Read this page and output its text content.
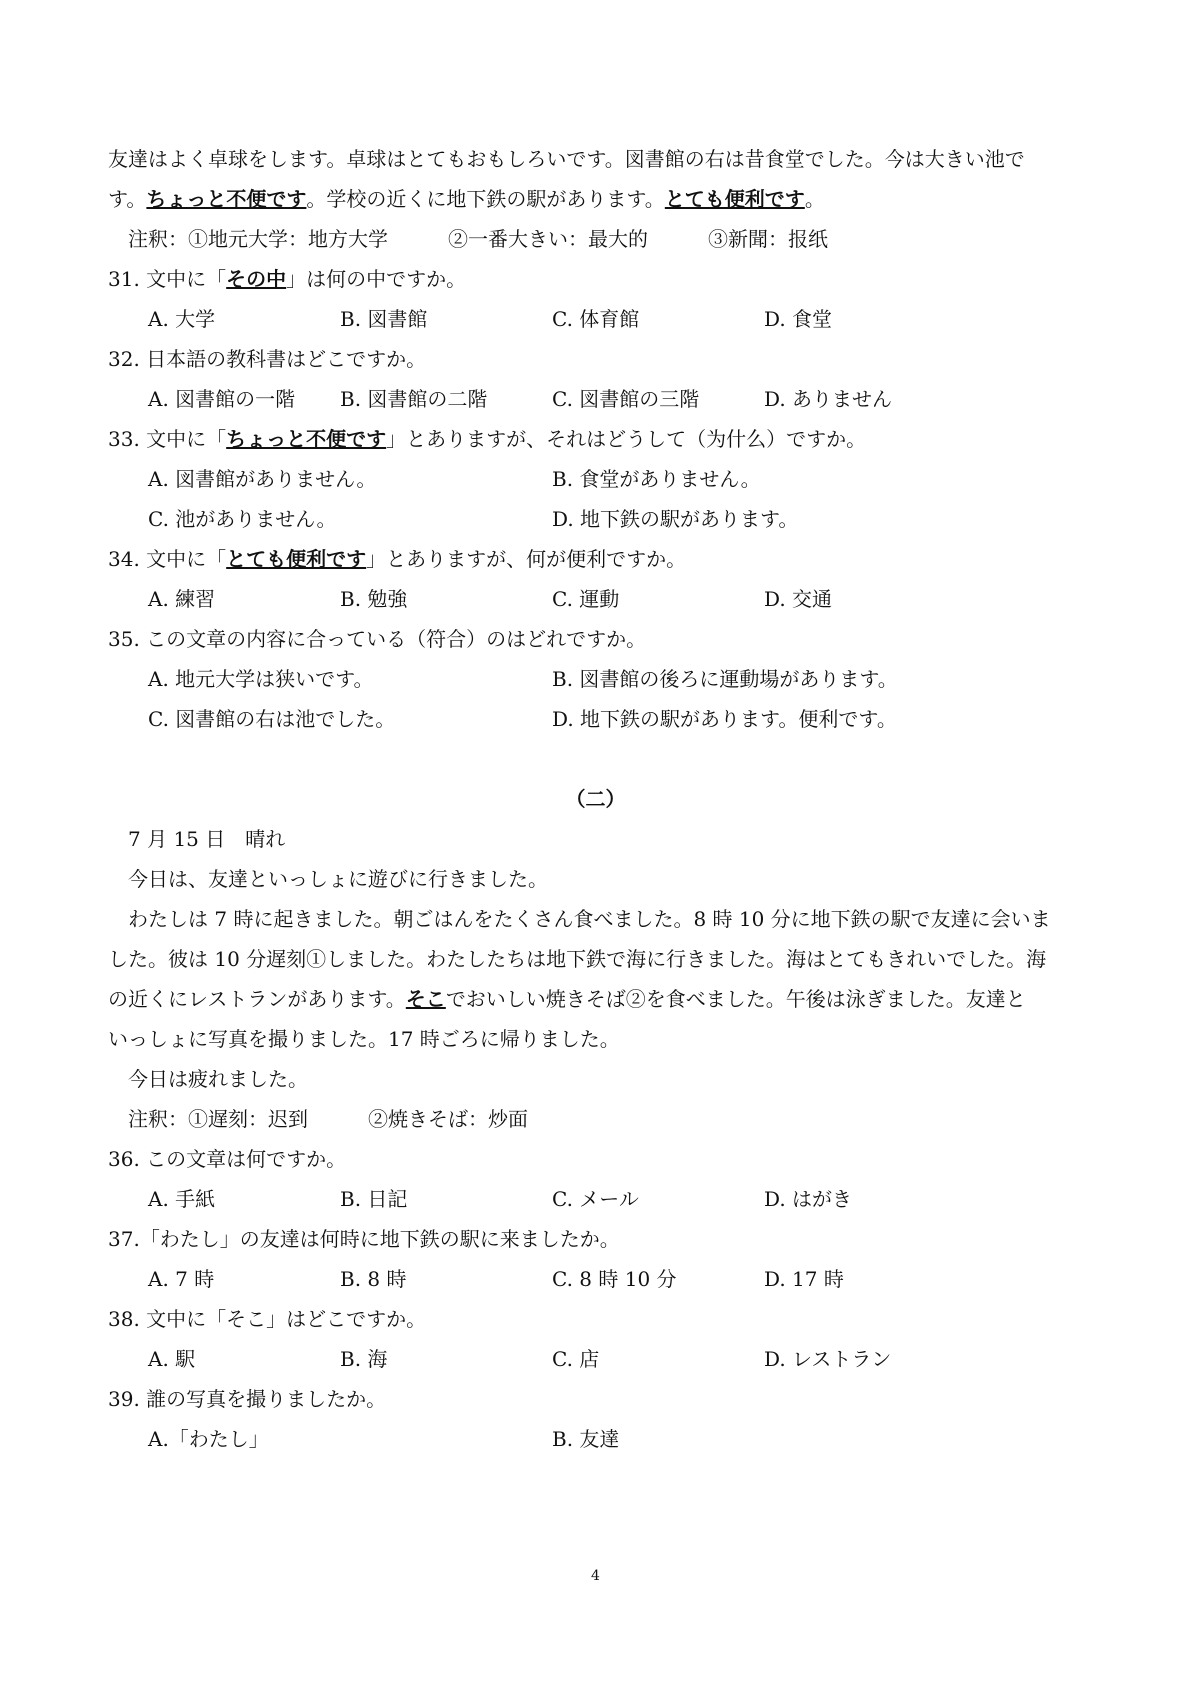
友達はよく卓球をします。卓球はとてもおもしろいです。図書館の右は昔食堂でした。今は大きい池で
す。ちょっと不便です。学校の近くに地下鉄の駅があります。とても便利です。
注釈：①地元大学：地方大学　　　②一番大きい：最大的　　　③新聞：报纸
31. 文中に「その中」は何の中ですか。
A. 大学	B. 図書館	C. 体育館	D. 食堂
32. 日本語の教科書はどこですか。
A. 図書館の一階 B. 図書館の二階	C. 図書館の三階	D. ありません
33. 文中に「ちょっと不便です」とありますが、それはどうして（为什么）ですか。
A. 図書館がありません。	B. 食堂がありません。
C. 池がありません。	D. 地下鉄の駅があります。
34. 文中に「とても便利です」とありますが、何が便利ですか。
A. 練習	B. 勉強	C. 運動	D. 交通
35. この文章の内容に合っている（符合）のはどれですか。
A. 地元大学は狭いです。	B. 図書館の後ろに運動場があります。
C. 図書館の右は池でした。	D. 地下鉄の駅があります。便利です。
（二）
7 月 15 日　晴れ
今日は、友達といっしょに遊びに行きました。
わたしは 7 時に起きました。朝ごはんをたくさん食べました。8 時 10 分に地下鉄の駅で友達に会いま
した。彼は 10 分遅刻①しました。わたしたちは地下鉄で海に行きました。海はとてもきれいでした。海
の近くにレストランがあります。そこでおいしい焼きそば②を食べました。午後は泳ぎました。友達と
いっしょに写真を撮りました。17 時ごろに帰りました。
今日は疲れました。
注釈：①遅刻：迟到　　　②焼きそば：炒面
36. この文章は何ですか。
A. 手紙	B. 日記	C. メール	D. はがき
37.「わたし」の友達は何時に地下鉄の駅に来ましたか。
A. 7 時	B. 8 時	C. 8 時 10 分	D. 17 時
38. 文中に「そこ」はどこですか。
A. 駅	B. 海	C. 店	D. レストラン
39. 誰の写真を撮りましたか。
A.「わたし」	B. 友達
4
